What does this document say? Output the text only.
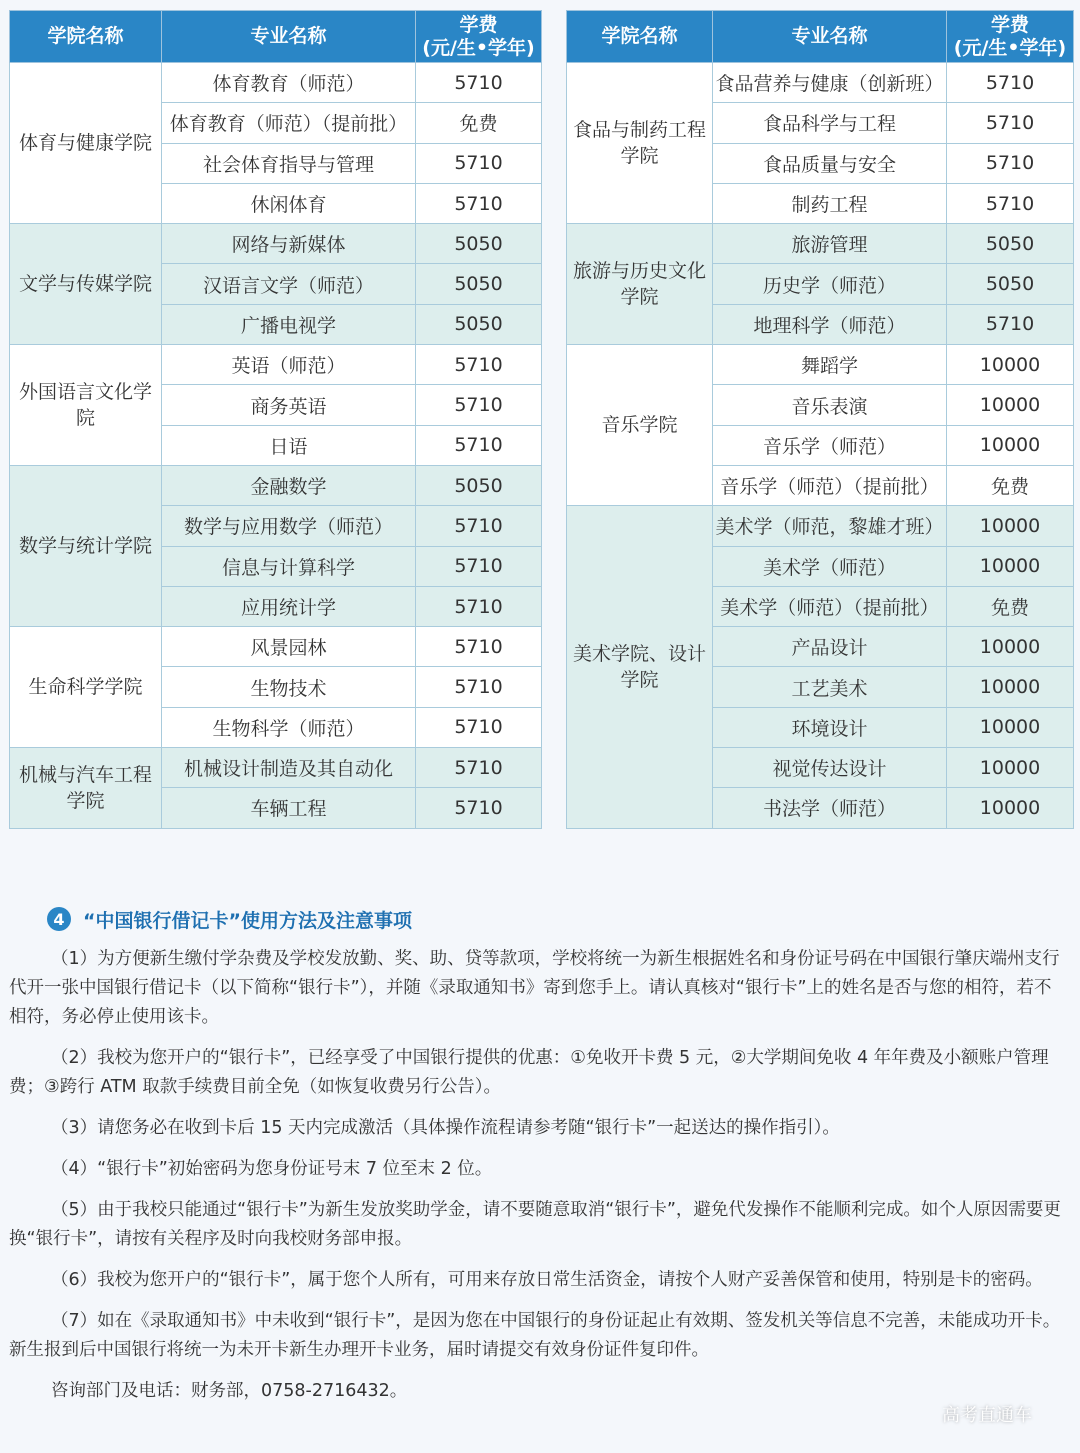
学院名称	专业名称	学费
(元/生•学年)

体育与健康学院	体育教育（师范）	5710
	体育教育（师范）（提前批）	免费
	社会体育指导与管理	5710
	休闲体育	5710
文学与传媒学院	网络与新媒体	5050
	汉语言文学（师范）	5050
	广播电视学	5050
外国语言文化学院	英语（师范）	5710
	商务英语	5710
	日语	5710
数学与统计学院	金融数学	5050
	数学与应用数学（师范）	5710
	信息与计算科学	5710
	应用统计学	5710
生命科学学院	风景园林	5710
	生物技术	5710
	生物科学（师范）	5710
机械与汽车工程学院	机械设计制造及其自动化	5710
	车辆工程	5710
学院名称	专业名称	学费
(元/生•学年)

食品与制药工程学院	食品营养与健康（创新班）	5710
	食品科学与工程	5710
	食品质量与安全	5710
	制药工程	5710
旅游与历史文化学院	旅游管理	5050
	历史学（师范）	5050
	地理科学（师范）	5710
音乐学院	舞蹈学	10000
	音乐表演	10000
	音乐学（师范）	10000
	音乐学（师范）（提前批）	免费
美术学院、设计学院	美术学（师范，黎雄才班）	10000
	美术学（师范）	10000
	美术学（师范）（提前批）	免费
	产品设计	10000
	工艺美术	10000
	环境设计	10000
	视觉传达设计	10000
	书法学（师范）	10000
4 “中国银行借记卡”使用方法及注意事项

（1）为方便新生缴付学杂费及学校发放勤、奖、助、贷等款项，学校将统一为新生根据姓名和身份证号码在中国银行肇庆端州支行代开一张中国银行借记卡（以下简称“银行卡”），并随《录取通知书》寄到您手上。请认真核对“银行卡”上的姓名是否与您的相符，若不相符，务必停止使用该卡。

（2）我校为您开户的“银行卡”，已经享受了中国银行提供的优惠：①免收开卡费 5 元，②大学期间免收 4 年年费及小额账户管理费；③跨行 ATM 取款手续费目前全免（如恢复收费另行公告）。

（3）请您务必在收到卡后 15 天内完成激活（具体操作流程请参考随“银行卡”一起送达的操作指引）。

（4）“银行卡”初始密码为您身份证号末 7 位至末 2 位。

（5）由于我校只能通过“银行卡”为新生发放奖助学金，请不要随意取消“银行卡”，避免代发操作不能顺利完成。如个人原因需要更换“银行卡”，请按有关程序及时向我校财务部申报。

（6）我校为您开户的“银行卡”，属于您个人所有，可用来存放日常生活资金，请按个人财产妥善保管和使用，特别是卡的密码。

（7）如在《录取通知书》中未收到“银行卡”，是因为您在中国银行的身份证起止有效期、签发机关等信息不完善，未能成功开卡。新生报到后中国银行将统一为未开卡新生办理开卡业务，届时请提交有效身份证件复印件。

咨询部门及电话：财务部，0758-2716432。

高考直通车
